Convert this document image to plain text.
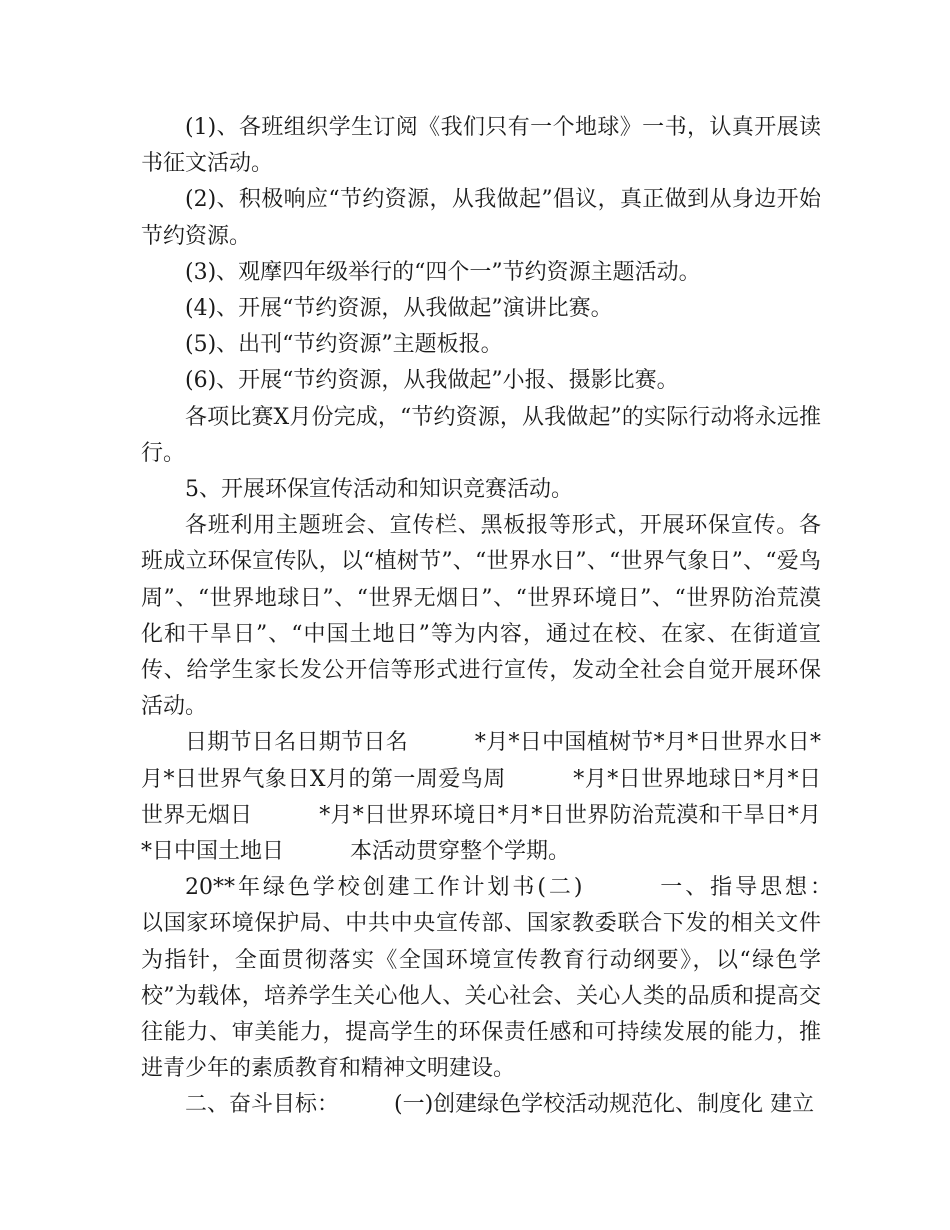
(1)、各班组织学生订阅《我们只有一个地球》一书，认真开展读书征文活动。

(2)、积极响应“节约资源，从我做起”倡议，真正做到从身边开始节约资源。

(3)、观摩四年级举行的“四个一”节约资源主题活动。

(4)、开展“节约资源，从我做起”演讲比赛。

(5)、出刊“节约资源”主题板报。

(6)、开展“节约资源，从我做起”小报、摄影比赛。

各项比赛X月份完成，“节约资源，从我做起”的实际行动将永远推行。

5、开展环保宣传活动和知识竞赛活动。

各班利用主题班会、宣传栏、黑板报等形式，开展环保宣传。各班成立环保宣传队，以“植树节”、“世界水日”、“世界气象日”、“爱鸟周”、“世界地球日”、“世界无烟日”、“世界环境日”、“世界防治荒漠化和干旱日”、“中国土地日”等为内容，通过在校、在家、在街道宣传、给学生家长发公开信等形式进行宣传，发动全社会自觉开展环保活动。

日期节日名日期节日名　　　*月*日中国植树节*月*日世界水日*月*日世界气象日X月的第一周爱鸟周　　　*月*日世界地球日*月*日世界无烟日　　　*月*日世界环境日*月*日世界防治荒漠和干旱日*月*日中国土地日　　　本活动贯穿整个学期。

20**年绿色学校创建工作计划书(二)　　　一、指导思想：　　　以国家环境保护局、中共中央宣传部、国家教委联合下发的相关文件为指针，全面贯彻落实《全国环境宣传教育行动纲要》，以“绿色学校”为载体，培养学生关心他人、关心社会、关心人类的品质和提高交往能力、审美能力，提高学生的环保责任感和可持续发展的能力，推进青少年的素质教育和精神文明建设。

二、奋斗目标：　　　(一)创建绿色学校活动规范化、制度化 建立
